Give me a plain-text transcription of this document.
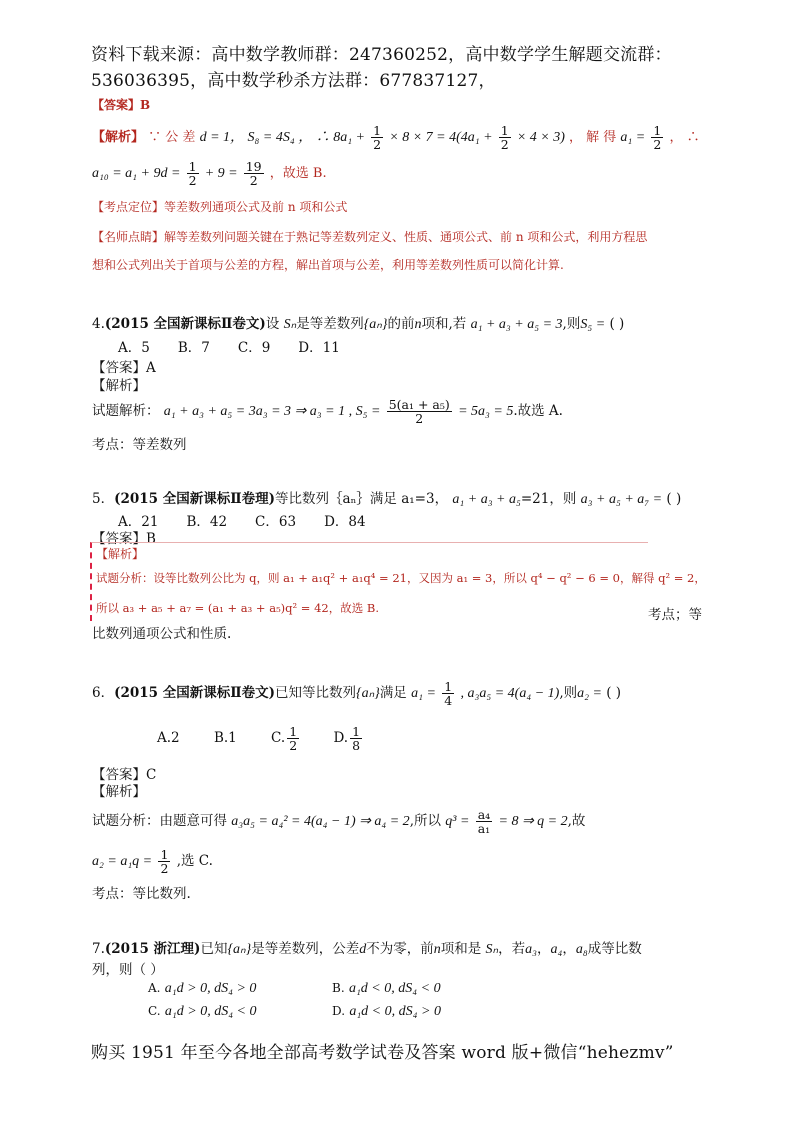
资料下载来源：高中数学教师群：247360252，高中数学学生解题交流群：
536036395，高中数学秒杀方法群：677837127，
【答案】B
【解析】 ∵ 公 差 d = 1， S₈ = 4S₄ ， ∴ $8a_1 + \frac{1}{2} \times 8 \times 7 = 4(4a_1 + \frac{1}{2} \times 4 \times 3)$ ， 解 得 $a_1 = \frac{1}{2}$ ， ∴
$a_{10} = a_1 + 9d = \frac{1}{2} + 9 = \frac{19}{2}$ ，故选 B.
【考点定位】等差数列通项公式及前 n 项和公式
【名师点睛】解等差数列问题关键在于熟记等差数列定义、性质、通项公式、前 n 项和公式，利用方程思
想和公式列出关于首项与公差的方程，解出首项与公差，利用等差数列性质可以简化计算.
4.(2015 全国新课标Ⅱ卷文)设 Sₙ是等差数列{aₙ}的前n项和,若 a₁ + a₃ + a₅ = 3,则S₅ = ( )
A．5 B．7 C．9 D．11
【答案】A
【解析】
试题解析： a₁ + a₃ + a₅ = 3a₃ = 3 ⇒ a₃ = 1 , $S_5 = \frac{\text{5(a₁ + a₅)}}{2} = 5a_3 = 5$.故选 A.
考点：等差数列
5．(2015 全国新课标Ⅱ卷理)等比数列｛aₙ｝满足 a₁=3， a₁ + a₃ + a₅=21，则 a₃ + a₅ + a₇ = ( )
A．21 B．42 C．63 D．84
【答案】B
【解析】
试题分析：设等比数列公比为 q，则 a₁ + a₁q² + a₁q⁴ = 21，又因为 a₁ = 3，所以 q⁴ − q² − 6 = 0，解得 q² = 2，
所以 a₃ + a₅ + a₇ = (a₁ + a₃ + a₅)q² = 42，故选 B.	考点；等
比数列通项公式和性质.
6．(2015 全国新课标Ⅱ卷文)已知等比数列{aₙ}满足 $a_1 = \frac{1}{4}$ , a₃a₅ = 4(a₄ − 1),则a₂ = ( )
A.2	B.1	C. $\frac{1}{2}$	D. $\frac{1}{8}$
【答案】C
【解析】
试题分析：由题意可得 a₃a₅ = a₄² = 4(a₄ − 1) ⇒ a₄ = 2,所以 $q^3 = \frac{\text{a₄}}{\text{a₁}} = 8$ ⇒ q = 2,故
$a_2 = a_1q = \frac{1}{2}$ ,选 C.
考点：等比数列.
7.(2015 浙江理)已知{aₙ}是等差数列，公差d不为零，前n项和是 Sₙ，若a₃，a₄，a₈成等比数
列，则（ ）
A. a₁d > 0, dS₄ > 0	B. a₁d < 0, dS₄ < 0
C. a₁d > 0, dS₄ < 0	D. a₁d < 0, dS₄ > 0
购买 1951 年至今各地全部高考数学试卷及答案 word 版+微信“hehezmv”
